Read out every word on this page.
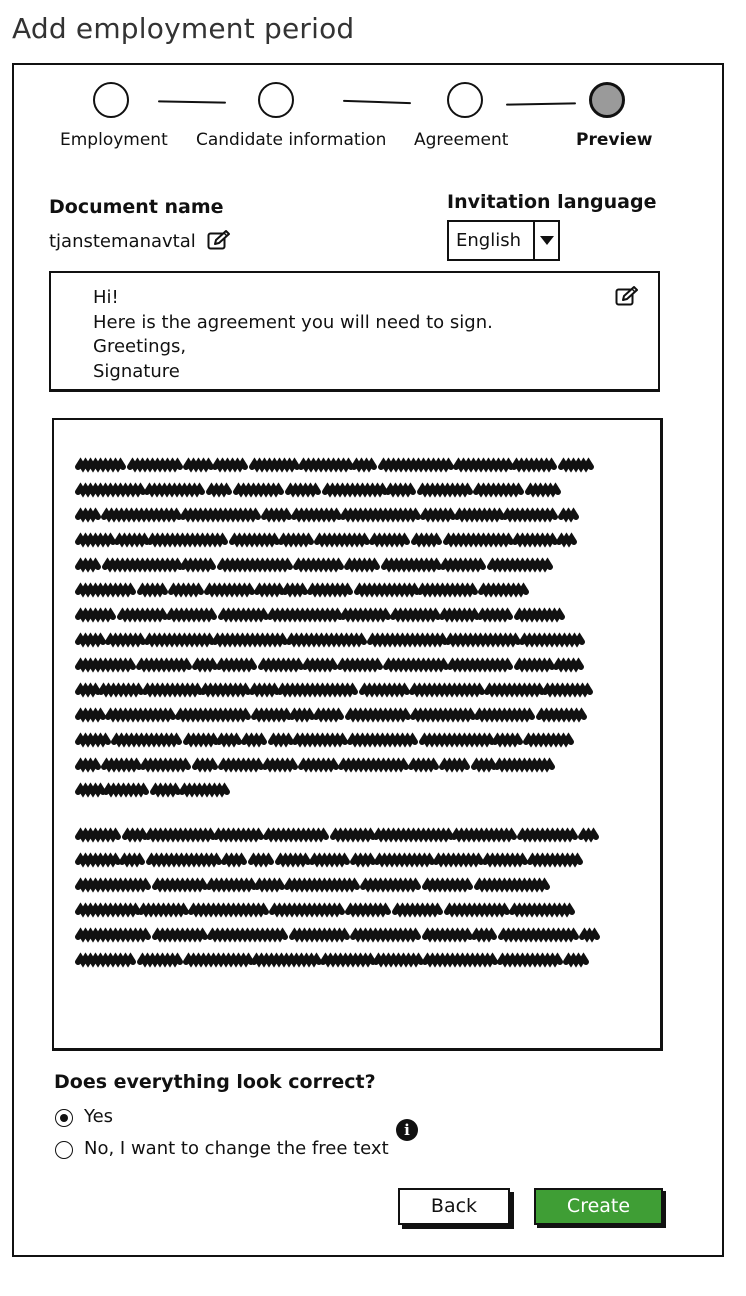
Add employment period
Employment Candidate information Agreement	Preview
Document name
tjanstemanavtal
Invitation language
English
Hi!
Here is the agreement you will need to sign.
Greetings,
Signature
Does everything look correct?
Yes
No, I want to change the free text
i
Back	Create
